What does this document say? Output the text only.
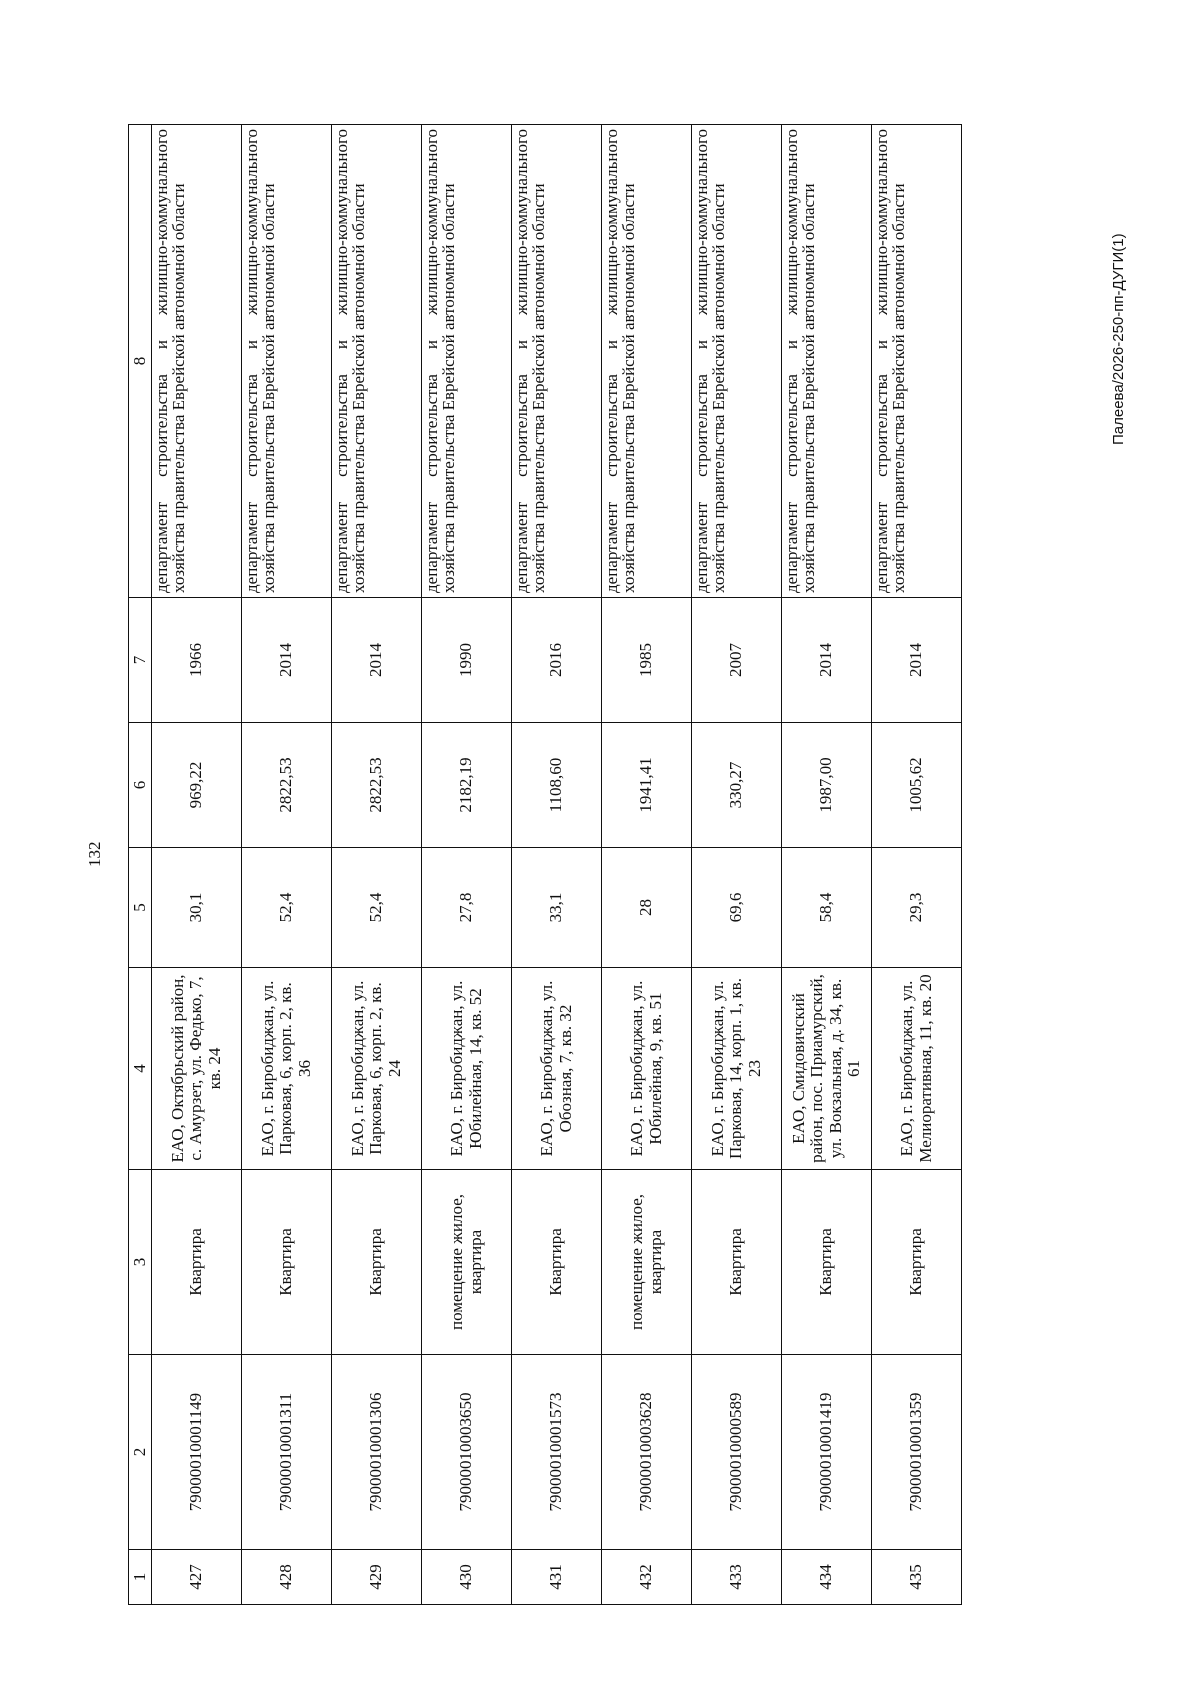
132
1	2	3	4	5	6	7	8
427	79000010001149	Квартира	ЕАО, Октябрьский район, с. Амурзет, ул. Федько, 7, кв. 24	30,1	969,22	1966	департамент строительства и жилищно-коммунального хозяйства правительства Еврейской автономной области
428	79000010001311	Квартира	ЕАО, г. Биробиджан, ул. Парковая, 6, корп. 2, кв. 36	52,4	2822,53	2014	департамент строительства и жилищно-коммунального хозяйства правительства Еврейской автономной области
429	79000010001306	Квартира	ЕАО, г. Биробиджан, ул. Парковая, 6, корп. 2, кв. 24	52,4	2822,53	2014	департамент строительства и жилищно-коммунального хозяйства правительства Еврейской автономной области
430	79000010003650	помещение жилое, квартира	ЕАО, г. Биробиджан, ул. Юбилейная, 14, кв. 52	27,8	2182,19	1990	департамент строительства и жилищно-коммунального хозяйства правительства Еврейской автономной области
431	79000010001573	Квартира	ЕАО, г. Биробиджан, ул. Обозная, 7, кв. 32	33,1	1108,60	2016	департамент строительства и жилищно-коммунального хозяйства правительства Еврейской автономной области
432	79000010003628	помещение жилое, квартира	ЕАО, г. Биробиджан, ул. Юбилейная, 9, кв. 51	28	1941,41	1985	департамент строительства и жилищно-коммунального хозяйства правительства Еврейской автономной области
433	79000010000589	Квартира	ЕАО, г. Биробиджан, ул. Парковая, 14, корп. 1, кв. 23	69,6	330,27	2007	департамент строительства и жилищно-коммунального хозяйства правительства Еврейской автономной области
434	79000010001419	Квартира	ЕАО, Смидовичский район, пос. Приамурский, ул. Вокзальная, д. 34, кв. 61	58,4	1987,00	2014	департамент строительства и жилищно-коммунального хозяйства правительства Еврейской автономной области
435	79000010001359	Квартира	ЕАО, г. Биробиджан, ул. Мелиоративная, 11, кв. 20	29,3	1005,62	2014	департамент строительства и жилищно-коммунального хозяйства правительства Еврейской автономной области	Палеева/2026-250-пп-ДУГИ(1)
